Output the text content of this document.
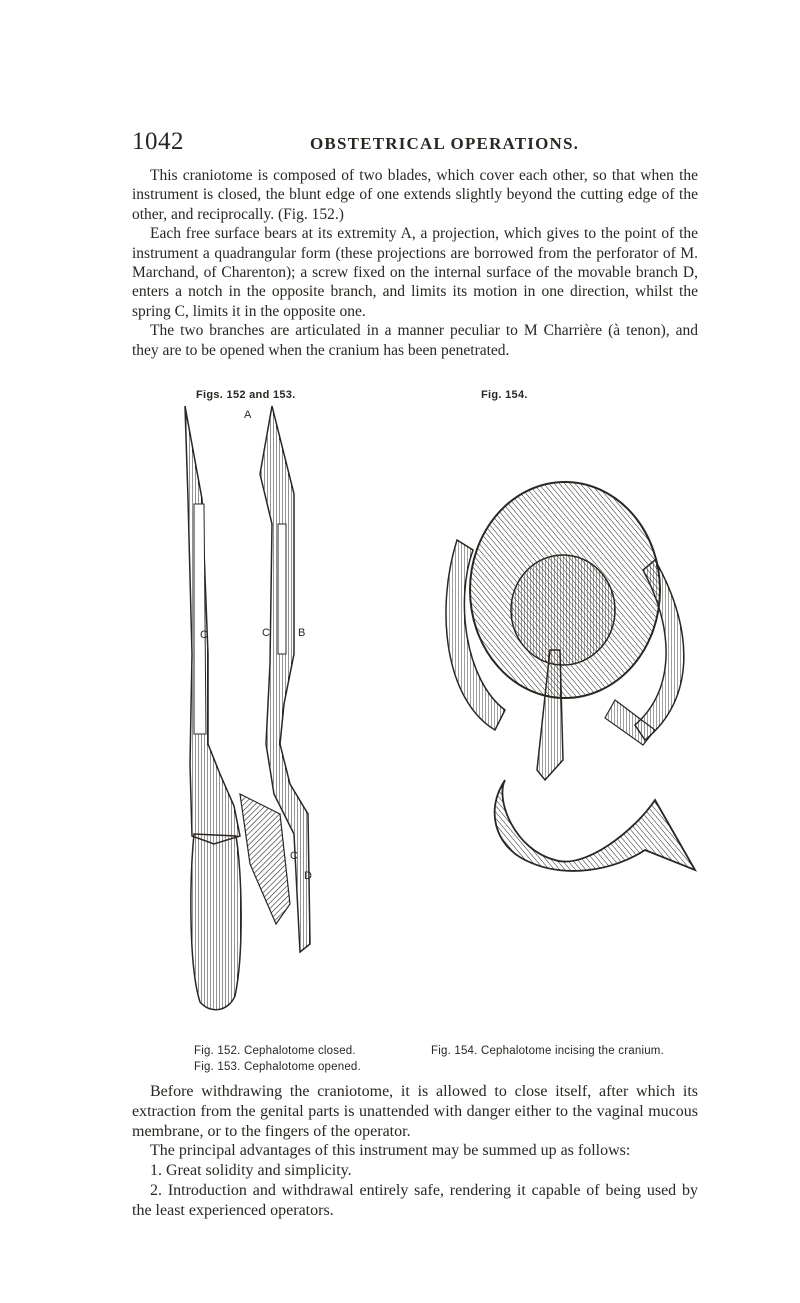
1042	OBSTETRICAL OPERATIONS.

This craniotome is composed of two blades, which cover each other, so that when the instrument is closed, the blunt edge of one extends slightly beyond the cutting edge of the other, and reciprocally. (Fig. 152.)

Each free surface bears at its extremity A, a projection, which gives to the point of the instrument a quadrangular form (these projections are borrowed from the perforator of M. Marchand, of Charenton); a screw fixed on the internal surface of the movable branch D, enters a notch in the opposite branch, and limits its motion in one direction, whilst the spring C, limits it in the opposite one.

The two branches are articulated in a manner peculiar to M Charrière (à tenon), and they are to be opened when the cranium has been penetrated.

Figs. 152 and 153.	Fig. 154.
A
B
C	C
C
D
Fig. 152. Cephalotome closed.
Fig. 153. Cephalotome opened.
Fig. 154. Cephalotome incising the cranium.

Before withdrawing the craniotome, it is allowed to close itself, after which its extraction from the genital parts is unattended with danger either to the vaginal mucous membrane, or to the fingers of the operator.

The principal advantages of this instrument may be summed up as follows:

1. Great solidity and simplicity.

2. Introduction and withdrawal entirely safe, rendering it capable of being used by the least experienced operators.
